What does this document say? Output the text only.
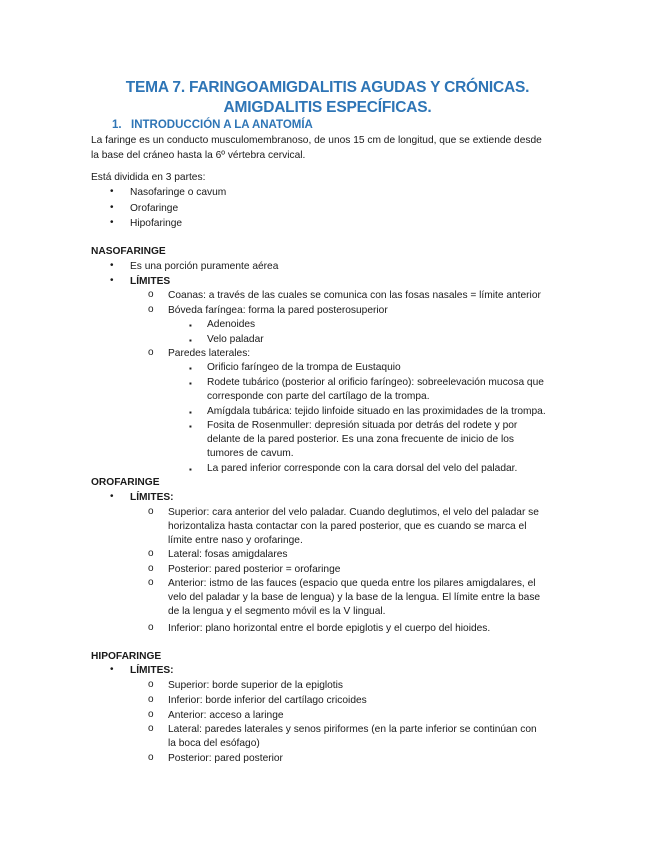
TEMA 7. FARINGOAMIGDALITIS AGUDAS Y CRÓNICAS.
AMIGDALITIS ESPECÍFICAS.
1. INTRODUCCIÓN A LA ANATOMÍA
La faringe es un conducto musculomembranoso, de unos 15 cm de longitud, que se extiende desde
la base del cráneo hasta la 6º vértebra cervical.
Está dividida en 3 partes:
• Nasofaringe o cavum
• Orofaringe
• Hipofaringe
NASOFARINGE
• Es una porción puramente aérea
• LÍMITES
o Coanas: a través de las cuales se comunica con las fosas nasales = límite anterior
o Bóveda faríngea: forma la pared posterosuperior
▪ Adenoides
▪ Velo paladar
o Paredes laterales:
▪ Orificio faríngeo de la trompa de Eustaquio
▪ Rodete tubárico (posterior al orificio faríngeo): sobreelevación mucosa que
corresponde con parte del cartílago de la trompa.
▪ Amígdala tubárica: tejido linfoide situado en las proximidades de la trompa.
▪ Fosita de Rosenmuller: depresión situada por detrás del rodete y por
delante de la pared posterior. Es una zona frecuente de inicio de los
tumores de cavum.
▪ La pared inferior corresponde con la cara dorsal del velo del paladar.
OROFARINGE
• LÍMITES:
o Superior: cara anterior del velo paladar. Cuando deglutimos, el velo del paladar se
horizontaliza hasta contactar con la pared posterior, que es cuando se marca el
límite entre naso y orofaringe.
o Lateral: fosas amigdalares
o Posterior: pared posterior = orofaringe
o Anterior: istmo de las fauces (espacio que queda entre los pilares amigdalares, el
velo del paladar y la base de lengua) y la base de la lengua. El límite entre la base
de la lengua y el segmento móvil es la V lingual.
o Inferior: plano horizontal entre el borde epiglotis y el cuerpo del hioides.
HIPOFARINGE
• LÍMITES:
o Superior: borde superior de la epiglotis
o Inferior: borde inferior del cartílago cricoides
o Anterior: acceso a laringe
o Lateral: paredes laterales y senos piriformes (en la parte inferior se continúan con
la boca del esófago)
o Posterior: pared posterior
